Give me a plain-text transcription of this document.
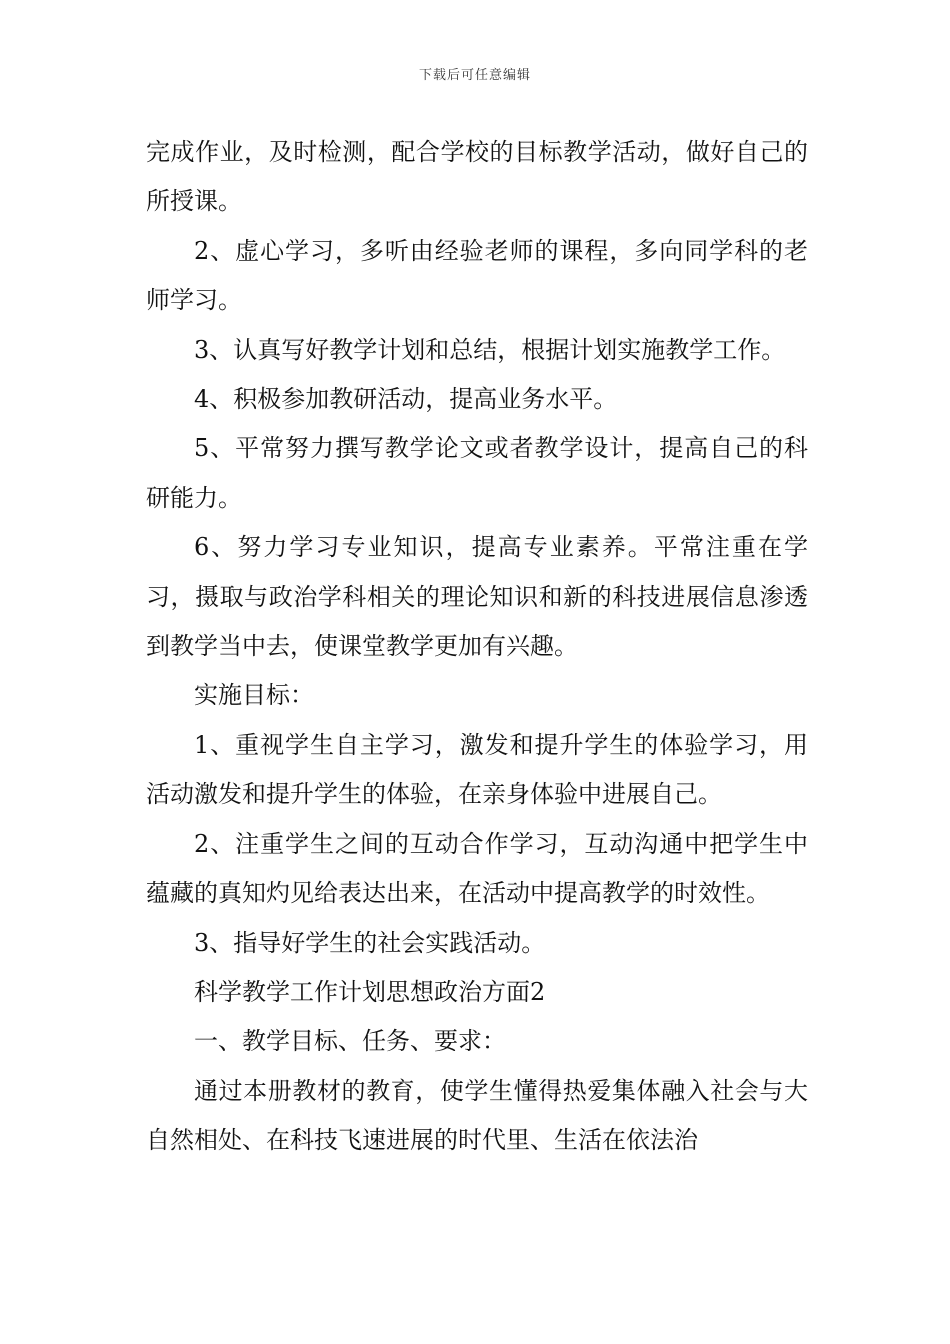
下载后可任意编辑

完成作业，及时检测，配合学校的目标教学活动，做好自己的所授课。

2、虚心学习，多听由经验老师的课程，多向同学科的老师学习。

3、认真写好教学计划和总结，根据计划实施教学工作。

4、积极参加教研活动，提高业务水平。

5、平常努力撰写教学论文或者教学设计，提高自己的科研能力。

6、努力学习专业知识，提高专业素养。平常注重在学习，摄取与政治学科相关的理论知识和新的科技进展信息渗透到教学当中去，使课堂教学更加有兴趣。

实施目标：

1、重视学生自主学习，激发和提升学生的体验学习，用活动激发和提升学生的体验，在亲身体验中进展自己。

2、注重学生之间的互动合作学习，互动沟通中把学生中蕴藏的真知灼见给表达出来，在活动中提高教学的时效性。

3、指导好学生的社会实践活动。

科学教学工作计划思想政治方面2

一、教学目标、任务、要求：

通过本册教材的教育，使学生懂得热爱集体融入社会与大自然相处、在科技飞速进展的时代里、生活在依法治
